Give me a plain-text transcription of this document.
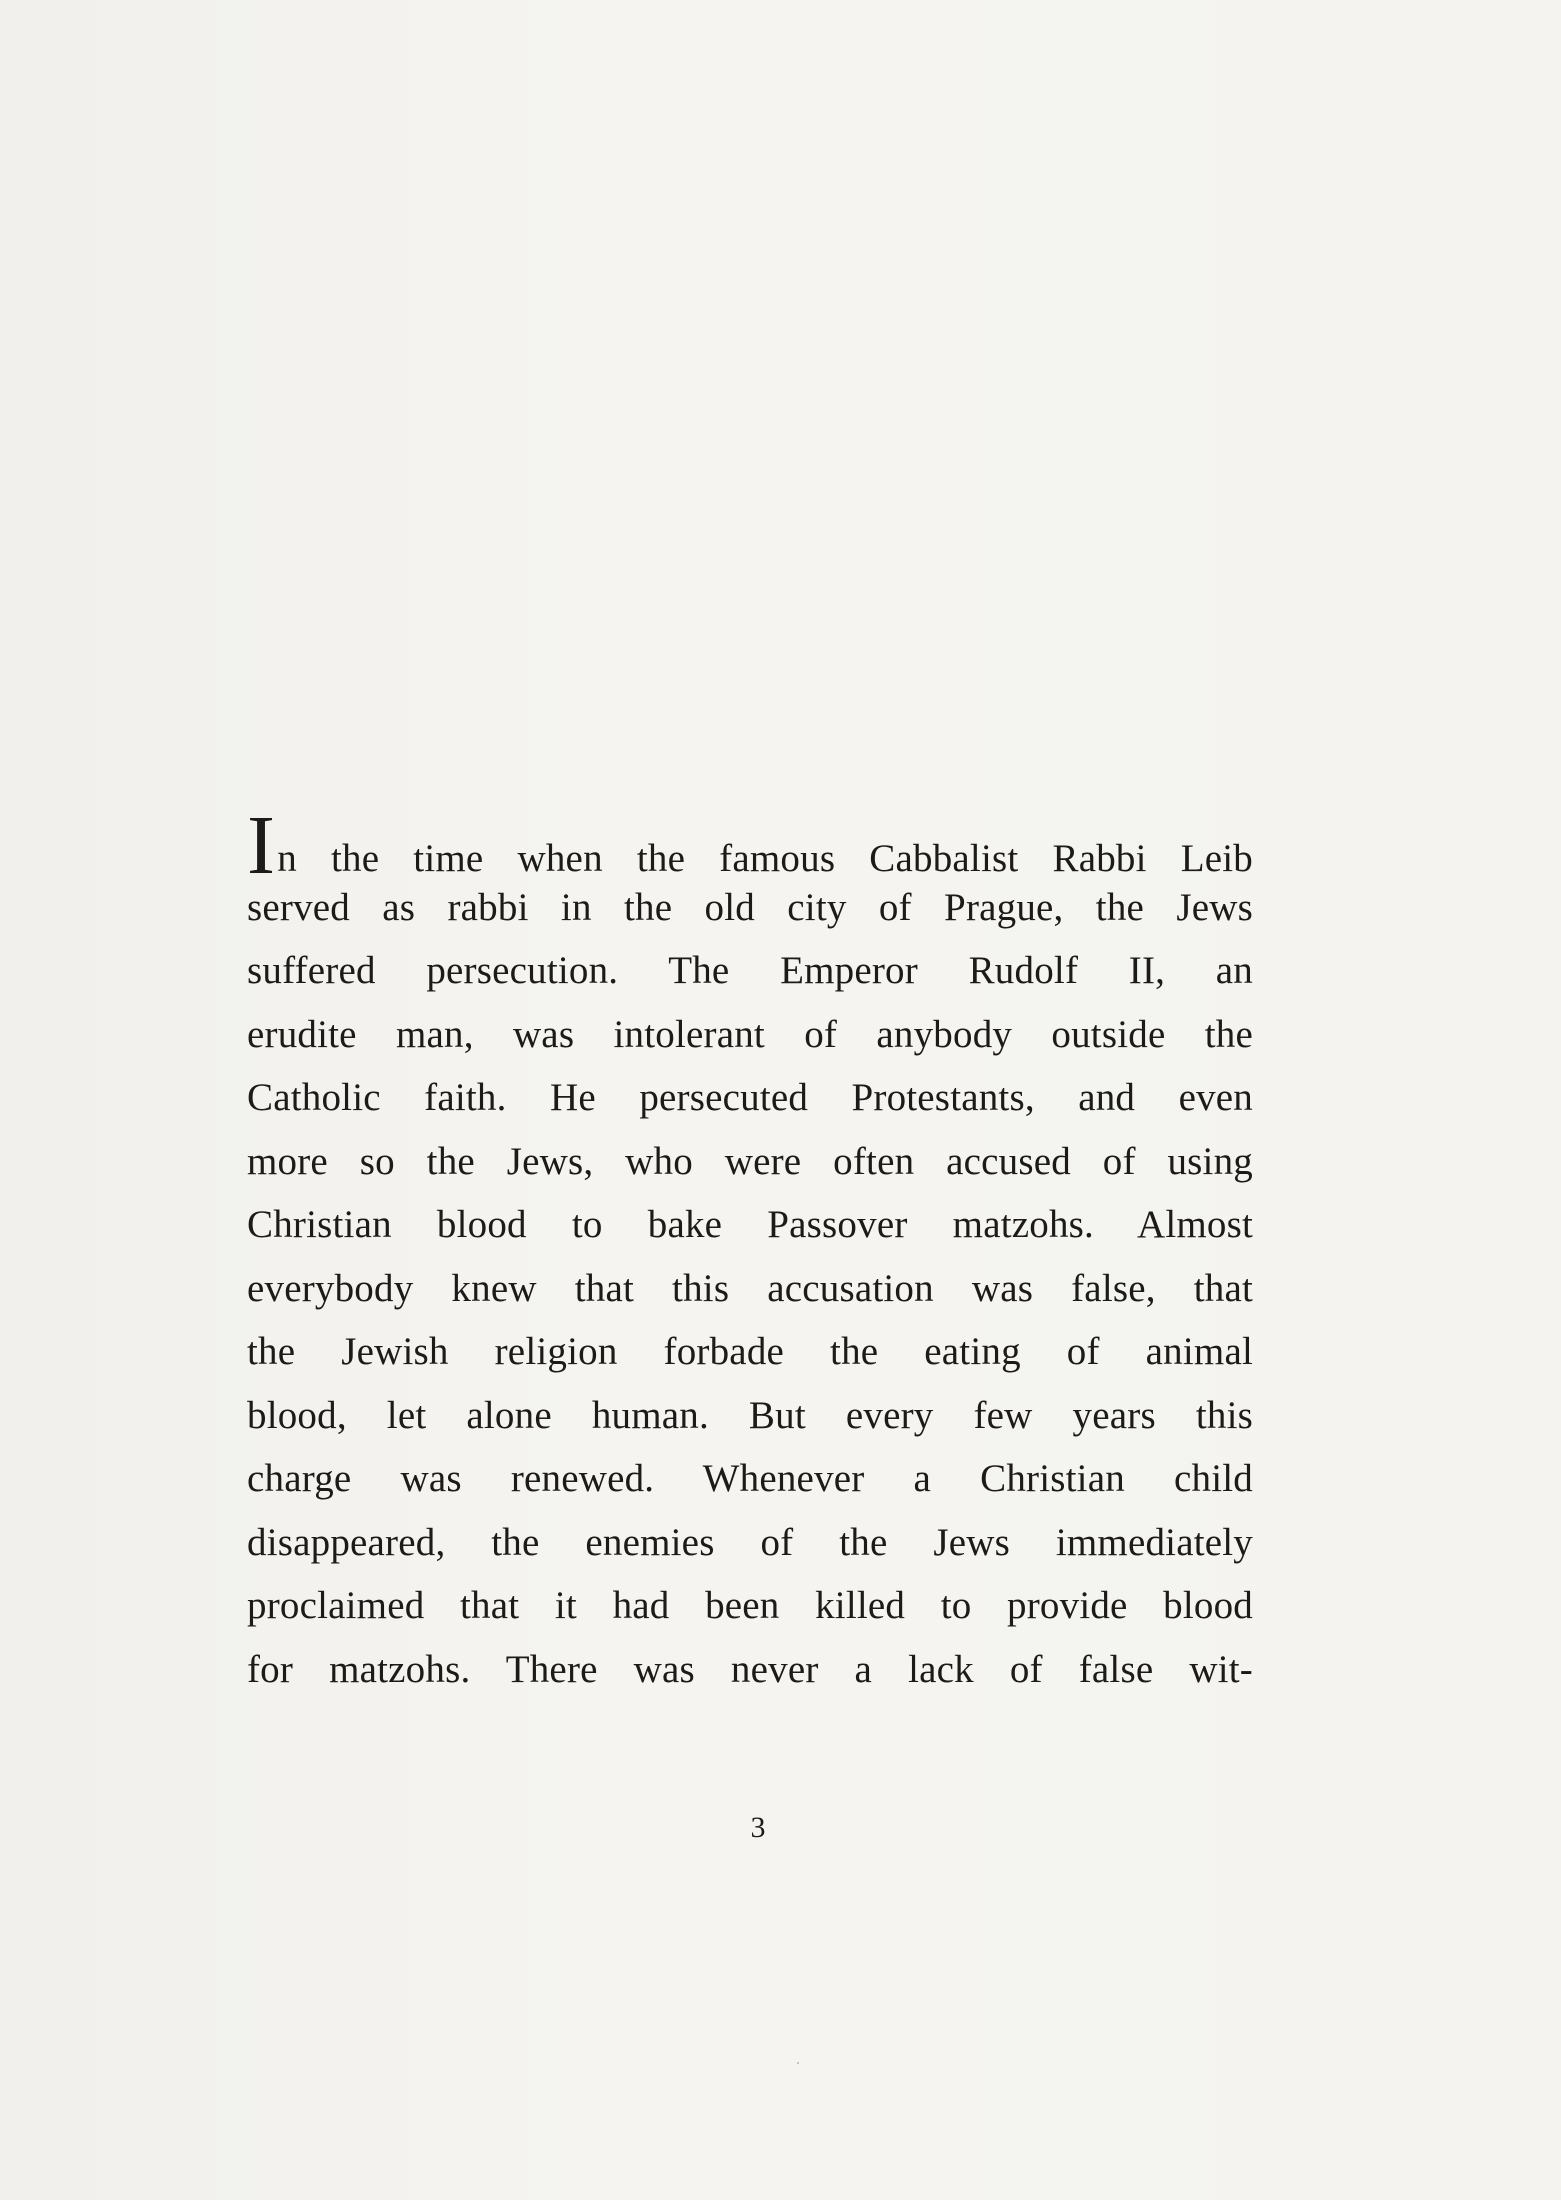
In the time when the famous Cabbalist Rabbi Leib
served as rabbi in the old city of Prague, the Jews
suffered persecution. The Emperor Rudolf II, an
erudite man, was intolerant of anybody outside the
Catholic faith. He persecuted Protestants, and even
more so the Jews, who were often accused of using
Christian blood to bake Passover matzohs. Almost
everybody knew that this accusation was false, that
the Jewish religion forbade the eating of animal
blood, let alone human. But every few years this
charge was renewed. Whenever a Christian child
disappeared, the enemies of the Jews immediately
proclaimed that it had been killed to provide blood
for matzohs. There was never a lack of false wit-
3
